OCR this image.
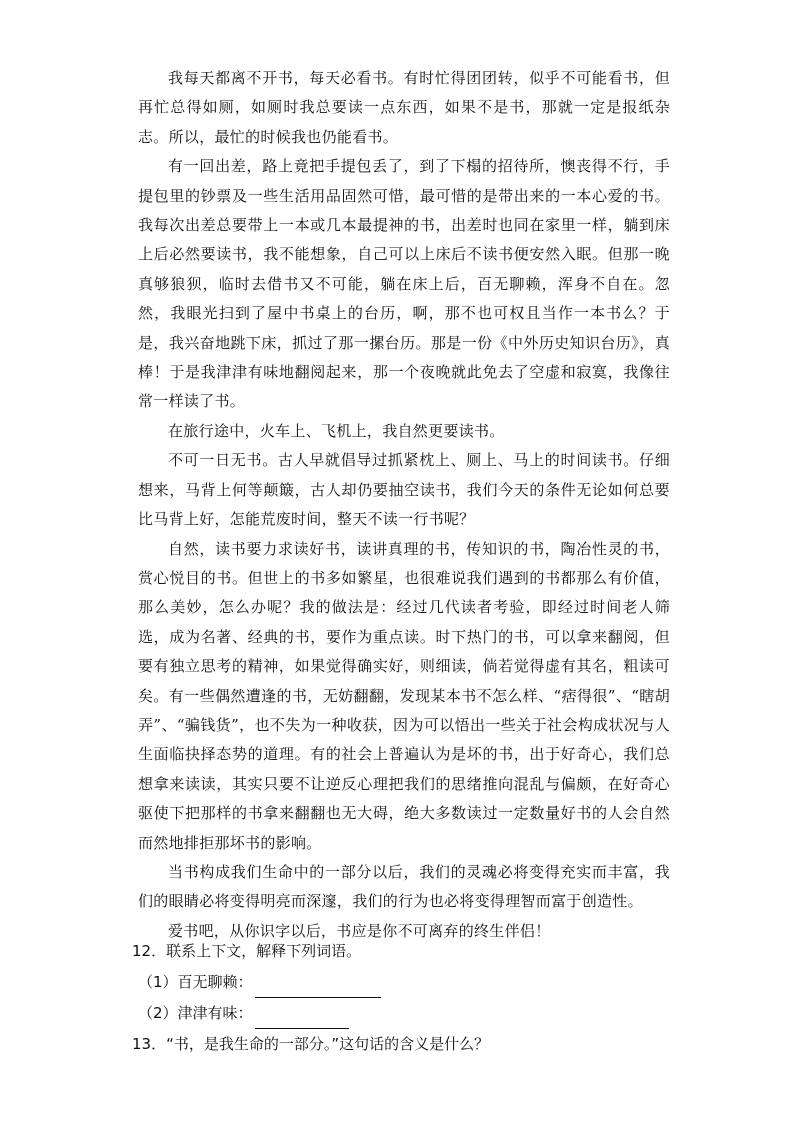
我每天都离不开书，每天必看书。有时忙得团团转，似乎不可能看书，但再忙总得如厕，如厕时我总要读一点东西，如果不是书，那就一定是报纸杂志。所以，最忙的时候我也仍能看书。

有一回出差，路上竟把手提包丢了，到了下榻的招待所，懊丧得不行，手提包里的钞票及一些生活用品固然可惜，最可惜的是带出来的一本心爱的书。我每次出差总要带上一本或几本最提神的书，出差时也同在家里一样，躺到床上后必然要读书，我不能想象，自己可以上床后不读书便安然入眠。但那一晚真够狼狈，临时去借书又不可能，躺在床上后，百无聊赖，浑身不自在。忽然，我眼光扫到了屋中书桌上的台历，啊，那不也可权且当作一本书么？于是，我兴奋地跳下床，抓过了那一摞台历。那是一份《中外历史知识台历》，真棒！于是我津津有味地翻阅起来，那一个夜晚就此免去了空虚和寂寞，我像往常一样读了书。

在旅行途中，火车上、飞机上，我自然更要读书。

不可一日无书。古人早就倡导过抓紧枕上、厕上、马上的时间读书。仔细想来，马背上何等颠簸，古人却仍要抽空读书，我们今天的条件无论如何总要比马背上好，怎能荒废时间，整天不读一行书呢？

自然，读书要力求读好书，读讲真理的书，传知识的书，陶冶性灵的书，赏心悦目的书。但世上的书多如繁星，也很难说我们遇到的书都那么有价值，那么美妙，怎么办呢？我的做法是：经过几代读者考验，即经过时间老人筛选，成为名著、经典的书，要作为重点读。时下热门的书，可以拿来翻阅，但要有独立思考的精神，如果觉得确实好，则细读，倘若觉得虚有其名，粗读可矣。有一些偶然遭逢的书，无妨翻翻，发现某本书不怎么样、“痞得很”、“瞎胡弄”、“骗钱货”，也不失为一种收获，因为可以悟出一些关于社会构成状况与人生面临抉择态势的道理。有的社会上普遍认为是坏的书，出于好奇心，我们总想拿来读读，其实只要不让逆反心理把我们的思绪推向混乱与偏颇，在好奇心驱使下把那样的书拿来翻翻也无大碍，绝大多数读过一定数量好书的人会自然而然地排拒那坏书的影响。

当书构成我们生命中的一部分以后，我们的灵魂必将变得充实而丰富，我们的眼睛必将变得明亮而深邃，我们的行为也必将变得理智而富于创造性。

爱书吧，从你识字以后，书应是你不可离弃的终生伴侣！

12．联系上下文，解释下列词语。
（1）百无聊赖：
（2）津津有味：
13．“书，是我生命的一部分。”这句话的含义是什么？
